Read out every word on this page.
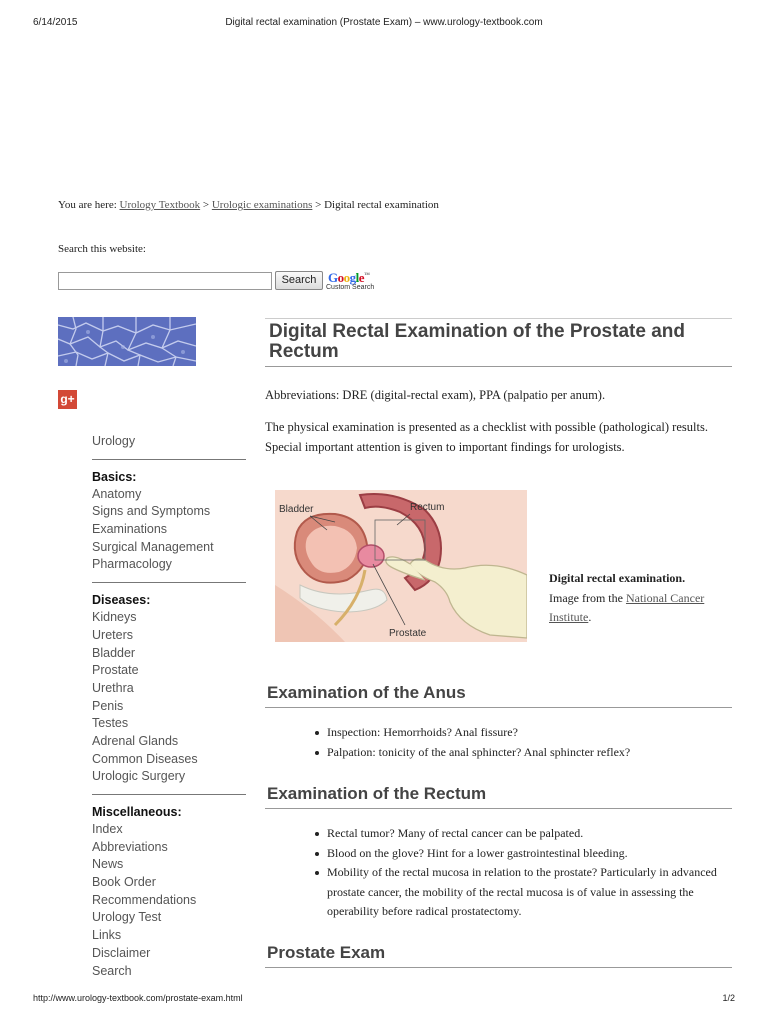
6/14/2015	Digital rectal examination (Prostate Exam) – www.urology-textbook.com
You are here: Urology Textbook > Urologic examinations > Digital rectal examination
Search this website:
Search Google™
Custom Search
g+
Urology
Basics:
Anatomy
Signs and Symptoms
Examinations
Surgical Management
Pharmacology
Diseases:
Kidneys
Ureters
Bladder
Prostate
Urethra
Penis
Testes
Adrenal Glands
Common Diseases
Urologic Surgery
Miscellaneous:
Index
Abbreviations
News
Book Order
Recommendations
Urology Test
Links
Disclaimer
Search
Digital Rectal Examination of the Prostate and Rectum
Abbreviations: DRE (digital-rectal exam), PPA (palpatio per anum).
The physical examination is presented as a checklist with possible (pathological) results. Special important attention is given to important findings for urologists.
Bladder	Rectum
Prostate
Digital rectal examination.
Image from the National Cancer Institute.
Examination of the Anus
Inspection: Hemorrhoids? Anal fissure?
Palpation: tonicity of the anal sphincter? Anal sphincter reflex?
Examination of the Rectum
Rectal tumor? Many of rectal cancer can be palpated.
Blood on the glove? Hint for a lower gastrointestinal bleeding.
Mobility of the rectal mucosa in relation to the prostate? Particularly in advanced prostate cancer, the mobility of the rectal mucosa is of value in assessing the operability before radical prostatectomy.
Prostate Exam
http://www.urology-textbook.com/prostate-exam.html	1/2
